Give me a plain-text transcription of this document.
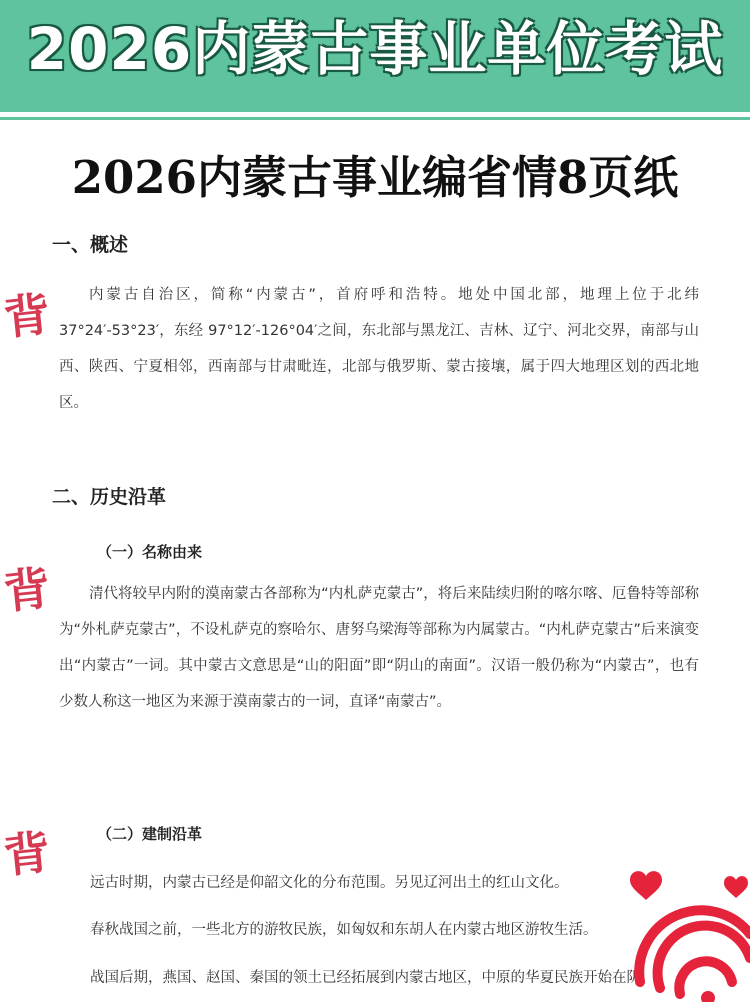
2026内蒙古事业单位考试
2026内蒙古事业编省情8页纸
一、概述
背	内蒙古自治区，简称“内蒙古”，首府呼和浩特。地处中国北部，地理上位于北纬37°24′-53°23′，东经 97°12′-126°04′之间，东北部与黑龙江、吉林、辽宁、河北交界，南部与山西、陕西、宁夏相邻，西南部与甘肃毗连，北部与俄罗斯、蒙古接壤，属于四大地理区划的西北地区。

二、历史沿革
（一）名称由来
背	清代将较早内附的漠南蒙古各部称为“内札萨克蒙古”，将后来陆续归附的喀尔喀、厄鲁特等部称为“外札萨克蒙古”，不设札萨克的察哈尔、唐努乌梁海等部称为内属蒙古。“内札萨克蒙古”后来演变出“内蒙古”一词。其中蒙古文意思是“山的阳面”即“阴山的南面”。汉语一般仍称为“内蒙古”，也有少数人称这一地区为来源于漠南蒙古的一词，直译“南蒙古”。

背	（二）建制沿革
远古时期，内蒙古已经是仰韶文化的分布范围。另见辽河出土的红山文化。
春秋战国之前，一些北方的游牧民族，如匈奴和东胡人在内蒙古地区游牧生活。
战国后期，燕国、赵国、秦国的领土已经拓展到内蒙古地区，中原的华夏民族开始在阴
